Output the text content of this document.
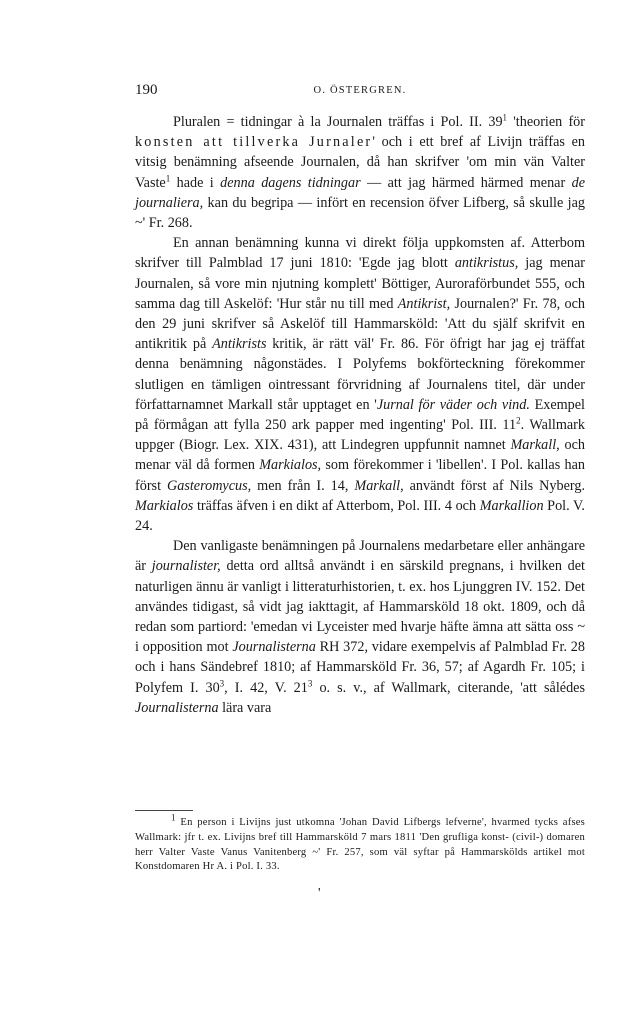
190	O. ÖSTERGREN.

Pluralen = tidningar à la Journalen träffas i Pol. II. $39^1$ 'theorien för konsten att tillverka Jurnaler' och i ett bref af Livijn träffas en vitsig benämning afseende Journalen, då han skrifver 'om min vän Valter Vaste$^1$ hade i denna dagens tidningar — att jag härmed härmed menar de journaliera, kan du begripa — infört en recension öfver Lifberg, så skulle jag ~' Fr. 268.

En annan benämning kunna vi direkt följa uppkomsten af. Atterbom skrifver till Palmblad 17 juni 1810: 'Egde jag blott antikristus, jag menar Journalen, så vore min njutning komplett' Böttiger, Auroraförbundet 555, och samma dag till Askelöf: 'Hur står nu till med Antikrist, Journalen?' Fr. 78, och den 29 juni skrifver så Askelöf till Hammarsköld: 'Att du själf skrifvit en antikritik på Antikrists kritik, är rätt väl' Fr. 86. För öfrigt har jag ej träffat denna benämning någonstädes. I Polyfems bokförteckning förekommer slutligen en tämligen ointressant förvridning af Journalens titel, där under författarnamnet Markall står upptaget en 'Jurnal för väder och vind. Exempel på förmågan att fylla 250 ark papper med ingenting' Pol. III. $11^2$. Wallmark uppger (Biogr. Lex. XIX. 431), att Lindegren uppfunnit namnet Markall, och menar väl då formen Markialos, som förekommer i 'libellen'. I Pol. kallas han först Gasteromycus, men från I. 14, Markall, användt först af Nils Nyberg. Markialos träffas äfven i en dikt af Atterbom, Pol. III. 4 och Markallion Pol. V. 24.

Den vanligaste benämningen på Journalens medarbetare eller anhängare är journalister, detta ord alltså användt i en särskild pregnans, i hvilken det naturligen ännu är vanligt i litteraturhistorien, t. ex. hos Ljunggren IV. 152. Det användes tidigast, så vidt jag iakttagit, af Hammarsköld 18 okt. 1809, och då redan som partiord: 'emedan vi Lyceister med hvarje häfte ämna att sätta oss ~ i opposition mot Journalisterna RH 372, vidare exempelvis af Palmblad Fr. 28 och i hans Sändebref 1810; af Hammarsköld Fr. 36, 57; af Agardh Fr. 105; i Polyfem I. $30^3$, I. 42, V. $21^3$ o. s. v., af Wallmark, citerande, 'att sålédes Journalisterna lära vara

$^1$ En person i Livijns just utkomna 'Johan David Lifbergs lefverne', hvarmed tycks afses Wallmark: jfr t. ex. Livijns bref till Hammarsköld 7 mars 1811 'Den grufliga konst- (civil-) domaren herr Valter Vaste Vanus Vanitenberg ~' Fr. 257, som väl syftar på Hammarskölds artikel mot Konstdomaren Hr A. i Pol. I. 33.

'
